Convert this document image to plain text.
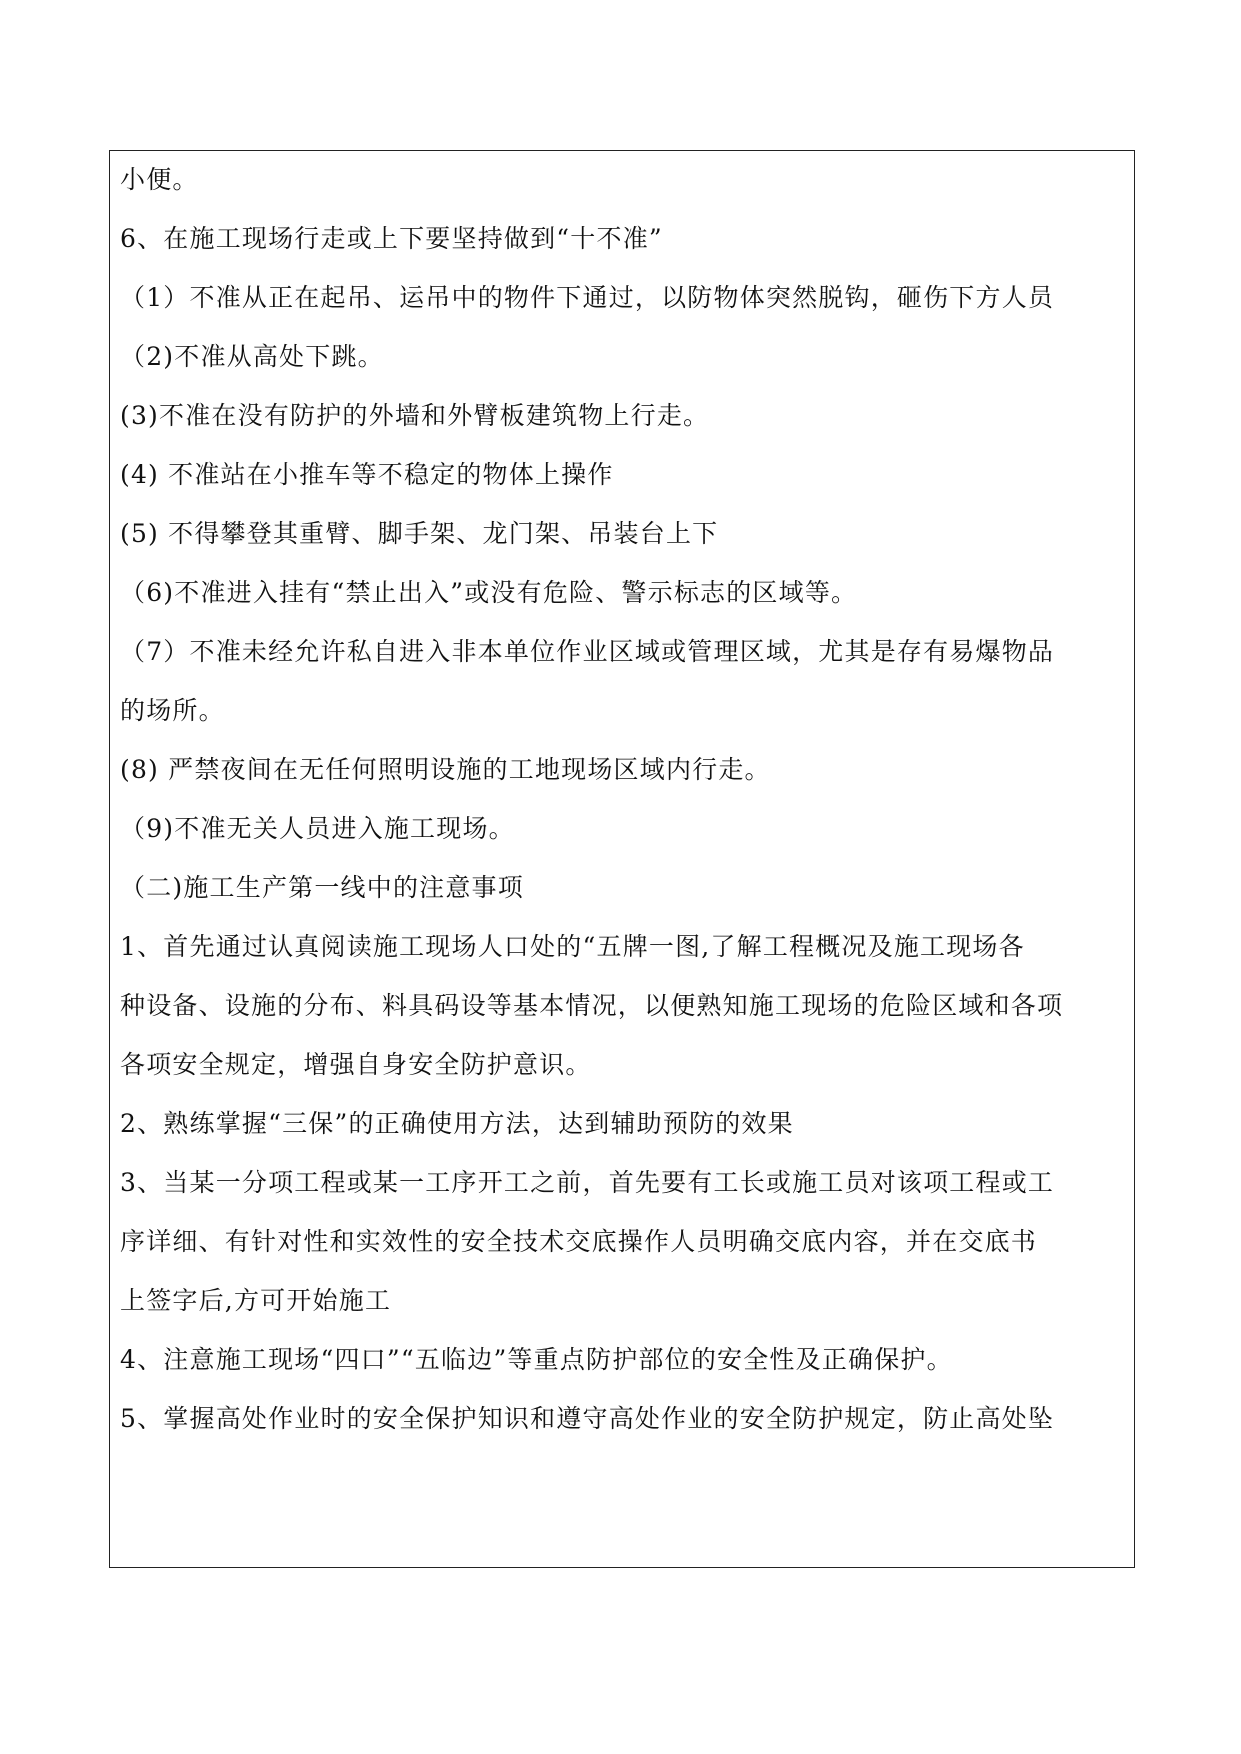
小便。
6、在施工现场行走或上下要坚持做到“十不准”
（1）不准从正在起吊、运吊中的物件下通过，以防物体突然脱钩，砸伤下方人员
（2)不准从高处下跳。
(3)不准在没有防护的外墙和外臂板建筑物上行走。
(4) 不准站在小推车等不稳定的物体上操作
(5) 不得攀登其重臂、脚手架、龙门架、吊装台上下
（6)不准进入挂有“禁止出入”或没有危险、警示标志的区域等。
（7）不准未经允许私自进入非本单位作业区域或管理区域，尤其是存有易爆物品
的场所。
(8) 严禁夜间在无任何照明设施的工地现场区域内行走。
（9)不准无关人员进入施工现场。
（二)施工生产第一线中的注意事项
1、首先通过认真阅读施工现场人口处的“五牌一图,了解工程概况及施工现场各
种设备、设施的分布、料具码设等基本情况，以便熟知施工现场的危险区域和各项
各项安全规定，增强自身安全防护意识。
2、熟练掌握“三保”的正确使用方法，达到辅助预防的效果
3、当某一分项工程或某一工序开工之前，首先要有工长或施工员对该项工程或工
序详细、有针对性和实效性的安全技术交底操作人员明确交底内容，并在交底书
上签字后,方可开始施工
4、注意施工现场“四口”“五临边”等重点防护部位的安全性及正确保护。
5、掌握高处作业时的安全保护知识和遵守高处作业的安全防护规定，防止高处坠
